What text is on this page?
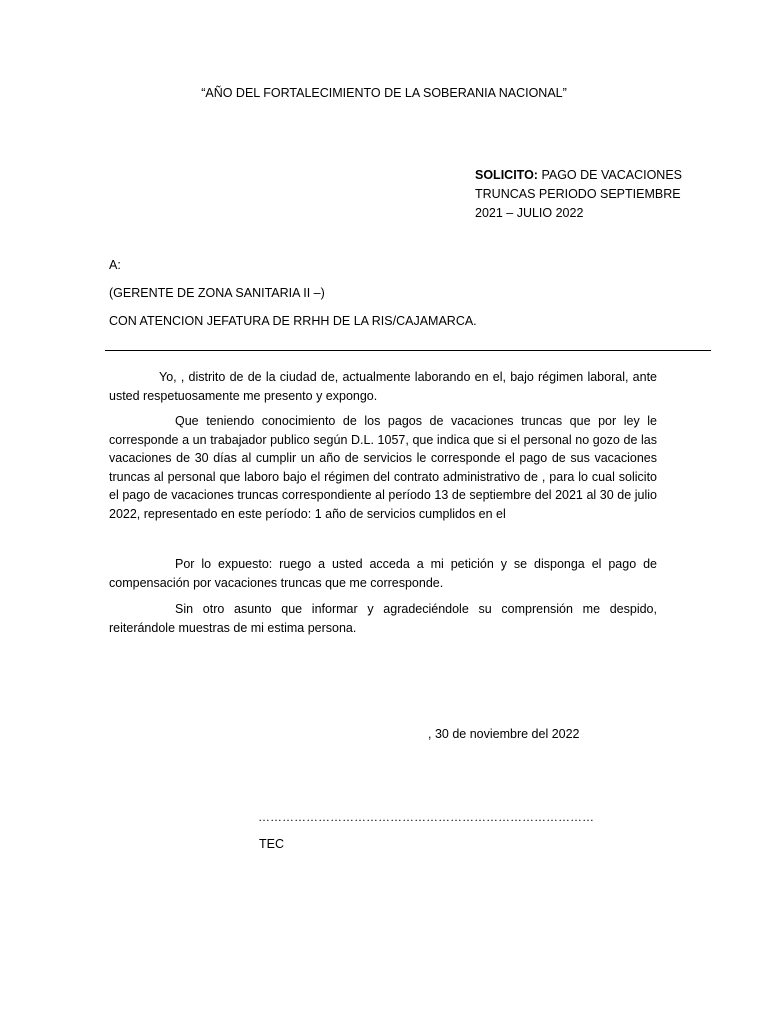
“AÑO DEL FORTALECIMIENTO DE LA SOBERANIA NACIONAL”
SOLICITO: PAGO DE VACACIONES
TRUNCAS PERIODO SEPTIEMBRE
2021 – JULIO 2022
A:
(GERENTE DE ZONA SANITARIA II –)
CON ATENCION JEFATURA DE RRHH DE LA RIS/CAJAMARCA.
Yo, , distrito de de la ciudad de, actualmente laborando en el, bajo régimen laboral, ante usted respetuosamente me presento y expongo.
Que teniendo conocimiento de los pagos de vacaciones truncas que por ley le corresponde a un trabajador publico según D.L. 1057, que indica que si el personal no gozo de las vacaciones de 30 días al cumplir un año de servicios le corresponde el pago de sus vacaciones truncas al personal que laboro bajo el régimen del contrato administrativo de , para lo cual solicito el pago de vacaciones truncas correspondiente al período 13 de septiembre del 2021 al 30 de julio 2022, representado en este período: 1 año de servicios cumplidos en el
Por lo expuesto: ruego a usted acceda a mi petición y se disponga el pago de compensación por vacaciones truncas que me corresponde.
Sin otro asunto que informar y agradeciéndole su comprensión me despido, reiterándole muestras de mi estima persona.
, 30 de noviembre del 2022
…………………………………………………………………………
TEC
